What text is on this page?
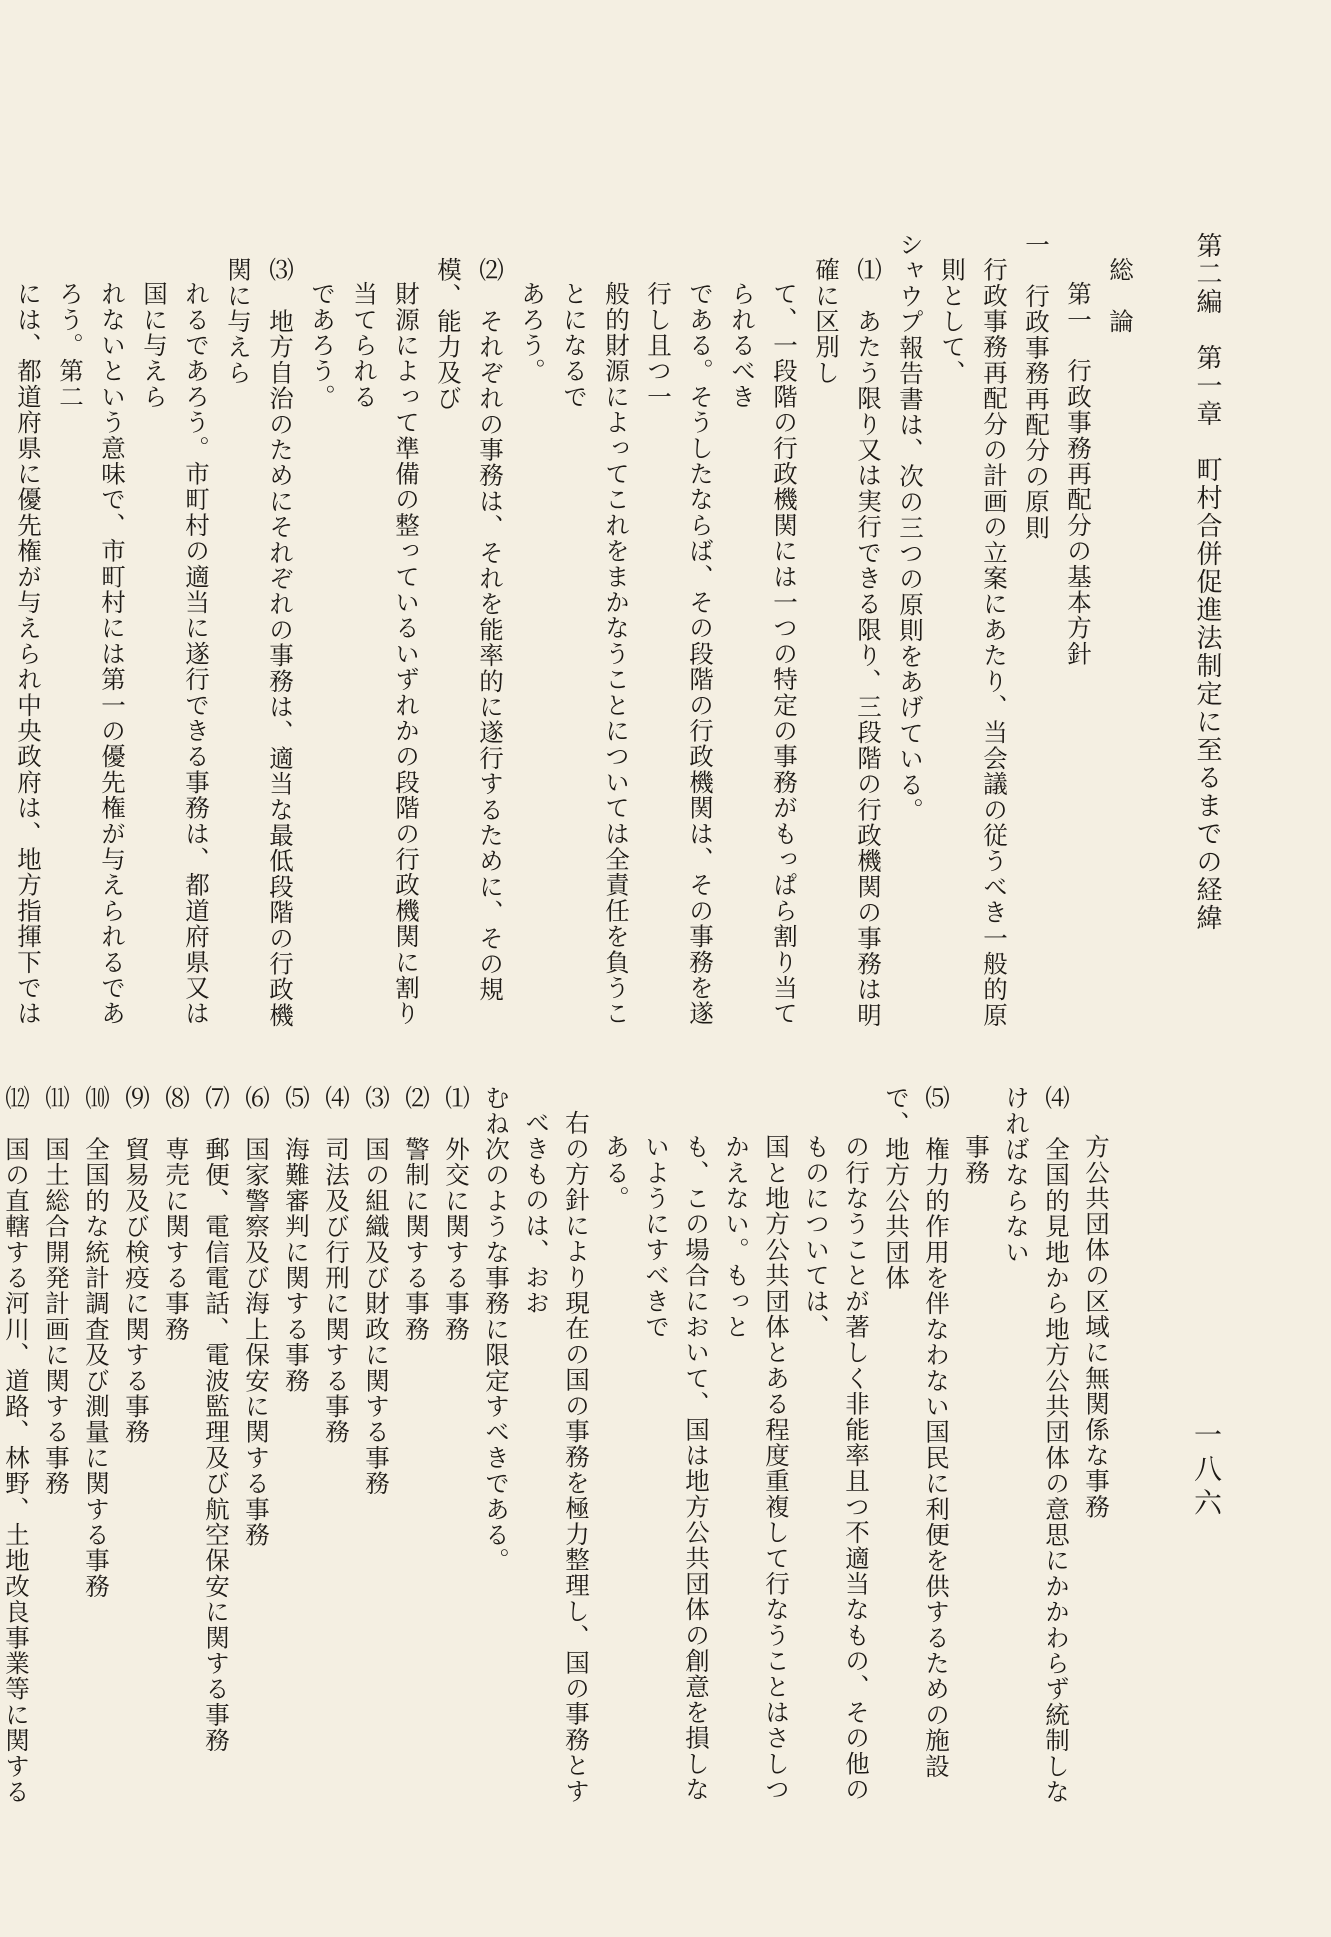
第二編　第一章　町村合併促進法制定に至るまでの経緯
一八六

総　論

第一　行政事務再配分の基本方針

一　行政事務再配分の原則

行政事務再配分の計画の立案にあたり、当会議の従うべき一般的原則として、

シャウプ報告書は、次の三つの原則をあげている。

⑴　あたう限り又は実行できる限り、三段階の行政機関の事務は明確に区別し

て、一段階の行政機関には一つの特定の事務がもっぱら割り当てられるべき

である。そうしたならば、その段階の行政機関は、その事務を遂行し且つ一

般的財源によってこれをまかなうことについては全責任を負うことになるで

あろう。

⑵　それぞれの事務は、それを能率的に遂行するために、その規模、能力及び

財源によって準備の整っているいずれかの段階の行政機関に割り当てられる

であろう。

⑶　地方自治のためにそれぞれの事務は、適当な最低段階の行政機関に与えら

れるであろう。市町村の適当に遂行できる事務は、都道府県又は国に与えら

れないという意味で、市町村には第一の優先権が与えられるであろう。第二

には、都道府県に優先権が与えられ中央政府は、地方指揮下では

方公共団体の区域に無関係な事務

⑷　全国的見地から地方公共団体の意思にかかわらず統制しなければならない

事務

⑸　権力的作用を伴なわない国民に利便を供するための施設で、地方公共団体

の行なうことが著しく非能率且つ不適当なもの、その他のものについては、

国と地方公共団体とある程度重複して行なうことはさしつかえない。もっと

も、この場合において、国は地方公共団体の創意を損しないようにすべきで

ある。

右の方針により現在の国の事務を極力整理し、国の事務とすべきものは、おお

むね次のような事務に限定すべきである。

⑴　外交に関する事務

⑵　警制に関する事務

⑶　国の組織及び財政に関する事務

⑷　司法及び行刑に関する事務

⑸　海難審判に関する事務

⑹　国家警察及び海上保安に関する事務

⑺　郵便、電信電話、電波監理及び航空保安に関する事務

⑻　専売に関する事務

⑼　貿易及び検疫に関する事務

⑽　全国的な統計調査及び測量に関する事務

⑾　国土総合開発計画に関する事務

⑿　国の直轄する河川、道路、林野、土地改良事業等に関する
